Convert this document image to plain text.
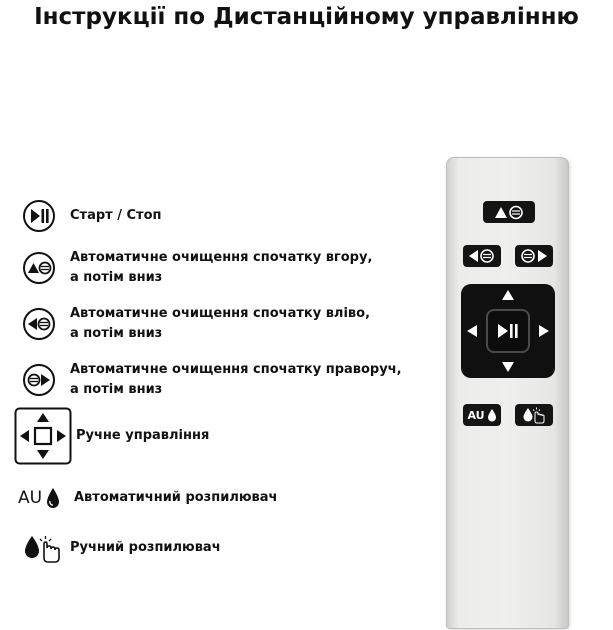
Інструкції по Дистанційному управлінню
Старт / Стоп
Автоматичне очищення спочатку вгору,
а потім вниз
Автоматичне очищення спочатку вліво,
а потім вниз
Автоматичне очищення спочатку праворуч,
а потім вниз
Ручне управління
AU Автоматичний розпилювач
Ручний розпилювач
AU
